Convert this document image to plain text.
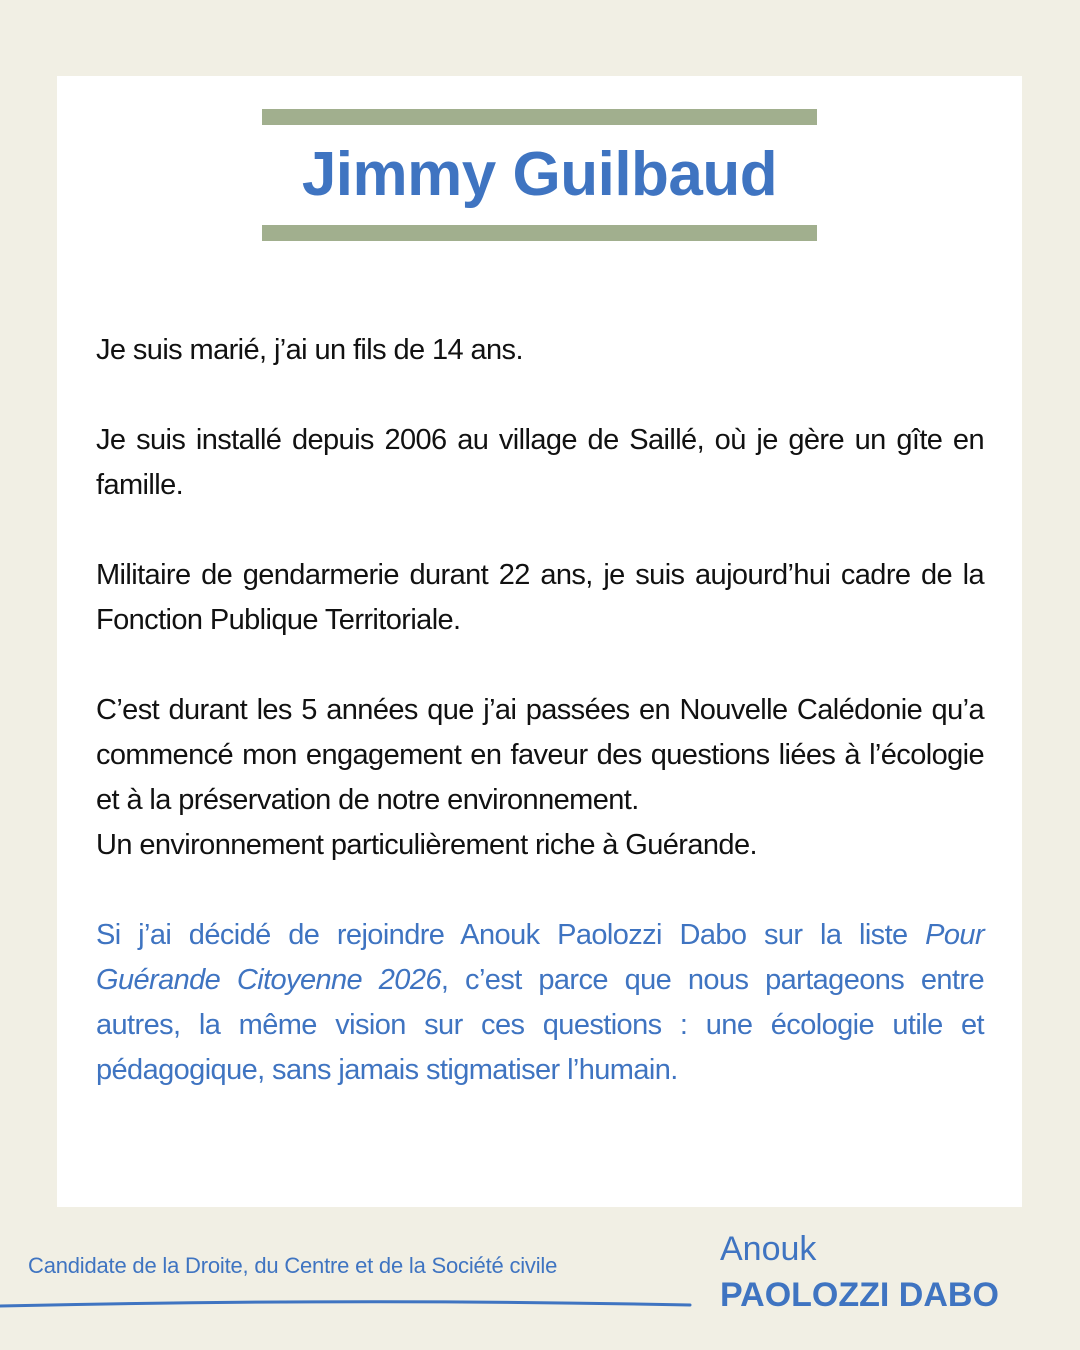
Jimmy Guilbaud

Je suis marié, j’ai un fils de 14 ans.

Je suis installé depuis 2006 au village de Saillé, où je gère un gîte en famille.

Militaire de gendarmerie durant 22 ans, je suis aujourd’hui cadre de la Fonction Publique Territoriale.

C’est durant les 5 années que j’ai passées en Nouvelle Calédonie qu’a commencé mon engagement en faveur des questions liées à l’écologie et à la préservation de notre environnement.

Un environnement particulièrement riche à Guérande.

Si j’ai décidé de rejoindre Anouk Paolozzi Dabo sur la liste Pour Guérande Citoyenne 2026, c’est parce que nous partageons entre autres, la même vision sur ces questions : une écologie utile et pédagogique, sans jamais stigmatiser l’humain.

Candidate de la Droite, du Centre et de la Société civile	Anouk
PAOLOZZI DABO
